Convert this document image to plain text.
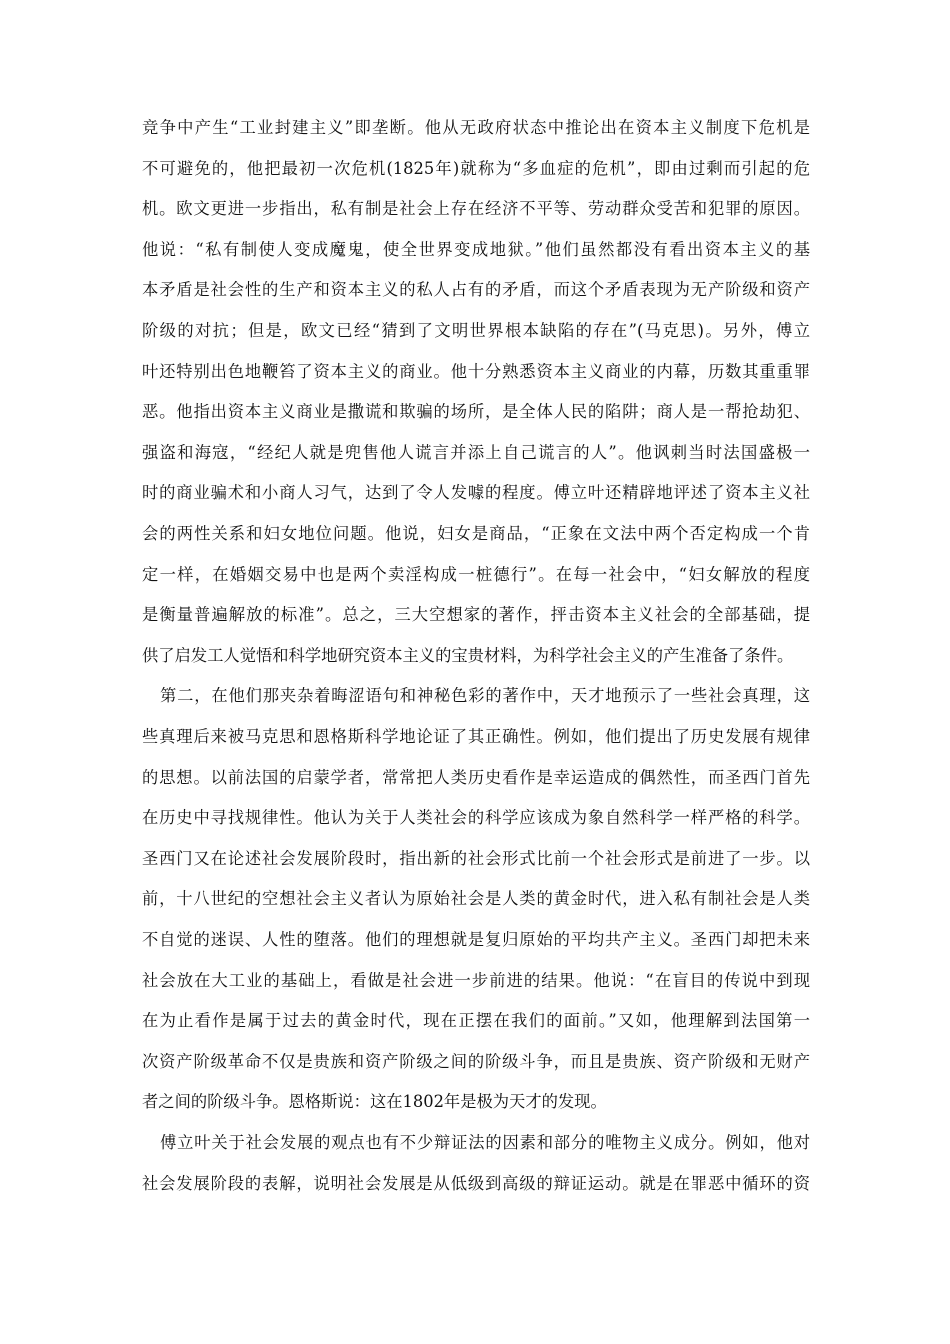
竞争中产生“工业封建主义”即垄断。他从无政府状态中推论出在资本主义制度下危机是
不可避免的，他把最初一次危机(1825年)就称为“多血症的危机”，即由过剩而引起的危
机。欧文更进一步指出，私有制是社会上存在经济不平等、劳动群众受苦和犯罪的原因。
他说：“私有制使人变成魔鬼，使全世界变成地狱。”他们虽然都没有看出资本主义的基
本矛盾是社会性的生产和资本主义的私人占有的矛盾，而这个矛盾表现为无产阶级和资产
阶级的对抗；但是，欧文已经“猜到了文明世界根本缺陷的存在”(马克思)。另外，傅立
叶还特别出色地鞭笞了资本主义的商业。他十分熟悉资本主义商业的内幕，历数其重重罪
恶。他指出资本主义商业是撒谎和欺骗的场所，是全体人民的陷阱；商人是一帮抢劫犯、
强盗和海寇，“经纪人就是兜售他人谎言并添上自己谎言的人”。他讽刺当时法国盛极一
时的商业骗术和小商人习气，达到了令人发噱的程度。傅立叶还精辟地评述了资本主义社
会的两性关系和妇女地位问题。他说，妇女是商品，“正象在文法中两个否定构成一个肯
定一样，在婚姻交易中也是两个卖淫构成一桩德行”。在每一社会中，“妇女解放的程度
是衡量普遍解放的标准”。总之，三大空想家的著作，抨击资本主义社会的全部基础，提
供了启发工人觉悟和科学地研究资本主义的宝贵材料，为科学社会主义的产生准备了条件。
第二，在他们那夹杂着晦涩语句和神秘色彩的著作中，天才地预示了一些社会真理，这
些真理后来被马克思和恩格斯科学地论证了其正确性。例如，他们提出了历史发展有规律
的思想。以前法国的启蒙学者，常常把人类历史看作是幸运造成的偶然性，而圣西门首先
在历史中寻找规律性。他认为关于人类社会的科学应该成为象自然科学一样严格的科学。
圣西门又在论述社会发展阶段时，指出新的社会形式比前一个社会形式是前进了一步。以
前，十八世纪的空想社会主义者认为原始社会是人类的黄金时代，进入私有制社会是人类
不自觉的迷误、人性的堕落。他们的理想就是复归原始的平均共产主义。圣西门却把未来
社会放在大工业的基础上，看做是社会进一步前进的结果。他说：“在盲目的传说中到现
在为止看作是属于过去的黄金时代，现在正摆在我们的面前。”又如，他理解到法国第一
次资产阶级革命不仅是贵族和资产阶级之间的阶级斗争，而且是贵族、资产阶级和无财产
者之间的阶级斗争。恩格斯说：这在1802年是极为天才的发现。
傅立叶关于社会发展的观点也有不少辩证法的因素和部分的唯物主义成分。例如，他对
社会发展阶段的表解，说明社会发展是从低级到高级的辩证运动。就是在罪恶中循环的资
